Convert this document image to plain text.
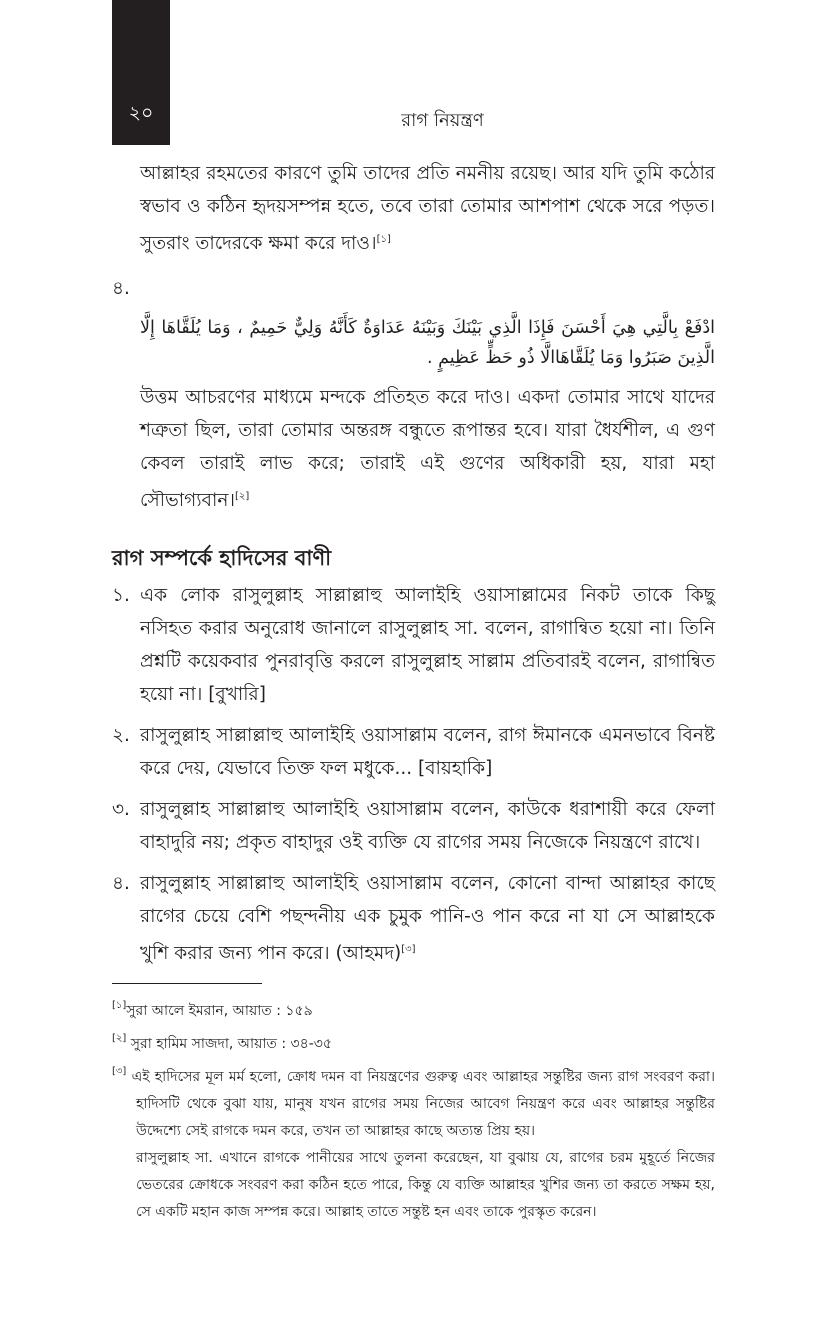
২০	রাগ নিয়ন্ত্রণ

আল্লাহর রহমতের কারণে তুমি তাদের প্রতি নমনীয় রয়েছ। আর যদি তুমি কঠোর স্বভাব ও কঠিন হৃদয়সম্পন্ন হতে, তবে তারা তোমার আশপাশ থেকে সরে পড়ত। সুতরাং তাদেরকে ক্ষমা করে দাও।[১]

৪.
ادْفَعْ بِالَّتِي هِيَ أَحْسَنَ فَإِذَا الَّذِي بَيْنَكَ وَبَيْنَهُ عَدَاوَةٌ كَأَنَّهُ وَلِيٌّ حَمِيمٌ ، وَمَا يُلَقَّاهَا إِلَّا الَّذِينَ صَبَرُوا وَمَا يُلَقَّاهَاالَّا ذُو حَظٍّ عَظِيمٍ .

উত্তম আচরণের মাধ্যমে মন্দকে প্রতিহত করে দাও। একদা তোমার সাথে যাদের শত্রুতা ছিল, তারা তোমার অন্তরঙ্গ বন্ধুতে রূপান্তর হবে। যারা ধৈর্যশীল, এ গুণ কেবল তারাই লাভ করে; তারাই এই গুণের অধিকারী হয়, যারা মহা সৌভাগ্যবান।[২]

রাগ সম্পর্কে হাদিসের বাণী
১. এক লোক রাসুলুল্লাহ সাল্লাল্লাহু আলাইহি ওয়াসাল্লামের নিকট তাকে কিছু নসিহত করার অনুরোধ জানালে রাসুলুল্লাহ সা. বলেন, রাগান্বিত হয়ো না। তিনি প্রশ্নটি কয়েকবার পুনরাবৃত্তি করলে রাসুলুল্লাহ সাল্লাম প্রতিবারই বলেন, রাগান্বিত হয়ো না। [বুখারি]

২. রাসুলুল্লাহ সাল্লাল্লাহু আলাইহি ওয়াসাল্লাম বলেন, রাগ ঈমানকে এমনভাবে বিনষ্ট করে দেয়, যেভাবে তিক্ত ফল মধুকে... [বায়হাকি]

৩. রাসুলুল্লাহ সাল্লাল্লাহু আলাইহি ওয়াসাল্লাম বলেন, কাউকে ধরাশায়ী করে ফেলা বাহাদুরি নয়; প্রকৃত বাহাদুর ওই ব্যক্তি যে রাগের সময় নিজেকে নিয়ন্ত্রণে রাখে।

৪. রাসুলুল্লাহ সাল্লাল্লাহু আলাইহি ওয়াসাল্লাম বলেন, কোনো বান্দা আল্লাহর কাছে রাগের চেয়ে বেশি পছন্দনীয় এক চুমুক পানি-ও পান করে না যা সে আল্লাহকে খুশি করার জন্য পান করে। (আহমদ)[৩]

[১]সুরা আলে ইমরান, আয়াত : ১৫৯

[২] সুরা হামিম সাজদা, আয়াত : ৩৪-৩৫

[৩] এই হাদিসের মূল মর্ম হলো, ক্রোধ দমন বা নিয়ন্ত্রণের গুরুত্ব এবং আল্লাহর সন্তুষ্টির জন্য রাগ সংবরণ করা। হাদিসটি থেকে বুঝা যায়, মানুষ যখন রাগের সময় নিজের আবেগ নিয়ন্ত্রণ করে এবং আল্লাহর সন্তুষ্টির উদ্দেশ্যে সেই রাগকে দমন করে, তখন তা আল্লাহর কাছে অত্যন্ত প্রিয় হয়।

রাসুলুল্লাহ সা. এখানে রাগকে পানীয়ের সাথে তুলনা করেছেন, যা বুঝায় যে, রাগের চরম মুহূর্তে নিজের ভেতরের ক্রোধকে সংবরণ করা কঠিন হতে পারে, কিন্তু যে ব্যক্তি আল্লাহর খুশির জন্য তা করতে সক্ষম হয়, সে একটি মহান কাজ সম্পন্ন করে। আল্লাহ তাতে সন্তুষ্ট হন এবং তাকে পুরস্কৃত করেন।
